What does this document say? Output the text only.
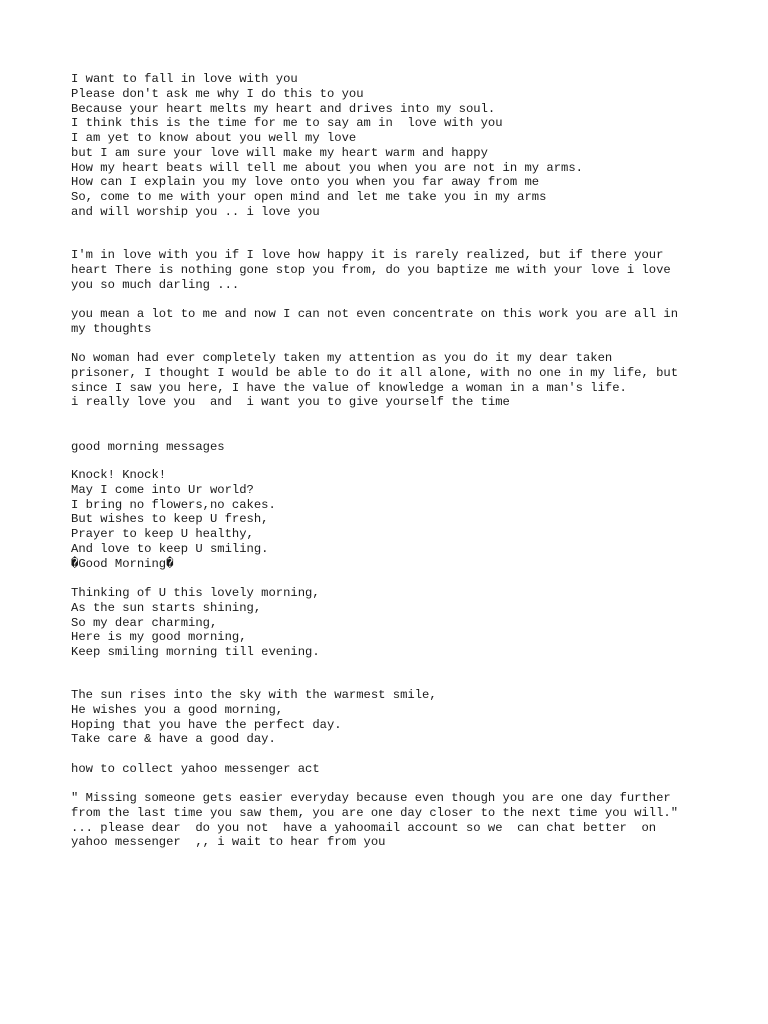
I want to fall in love with you
Please don't ask me why I do this to you
Because your heart melts my heart and drives into my soul.
I think this is the time for me to say am in  love with you
I am yet to know about you well my love
but I am sure your love will make my heart warm and happy
How my heart beats will tell me about you when you are not in my arms.
How can I explain you my love onto you when you far away from me
So, come to me with your open mind and let me take you in my arms
and will worship you .. i love you
I'm in love with you if I love how happy it is rarely realized, but if there your
heart There is nothing gone stop you from, do you baptize me with your love i love
you so much darling ...
you mean a lot to me and now I can not even concentrate on this work you are all in
my thoughts
No woman had ever completely taken my attention as you do it my dear taken
prisoner, I thought I would be able to do it all alone, with no one in my life, but
since I saw you here, I have the value of knowledge a woman in a man's life.
i really love you  and  i want you to give yourself the time
good morning messages
Knock! Knock!
May I come into Ur world?
I bring no flowers,no cakes.
But wishes to keep U fresh,
Prayer to keep U healthy,
And love to keep U smiling.
�Good Morning�
Thinking of U this lovely morning,
As the sun starts shining,
So my dear charming,
Here is my good morning,
Keep smiling morning till evening.
The sun rises into the sky with the warmest smile,
He wishes you a good morning,
Hoping that you have the perfect day.
Take care & have a good day.
how to collect yahoo messenger act
" Missing someone gets easier everyday because even though you are one day further
from the last time you saw them, you are one day closer to the next time you will."
... please dear  do you not  have a yahoomail account so we  can chat better  on
yahoo messenger  ,, i wait to hear from you
